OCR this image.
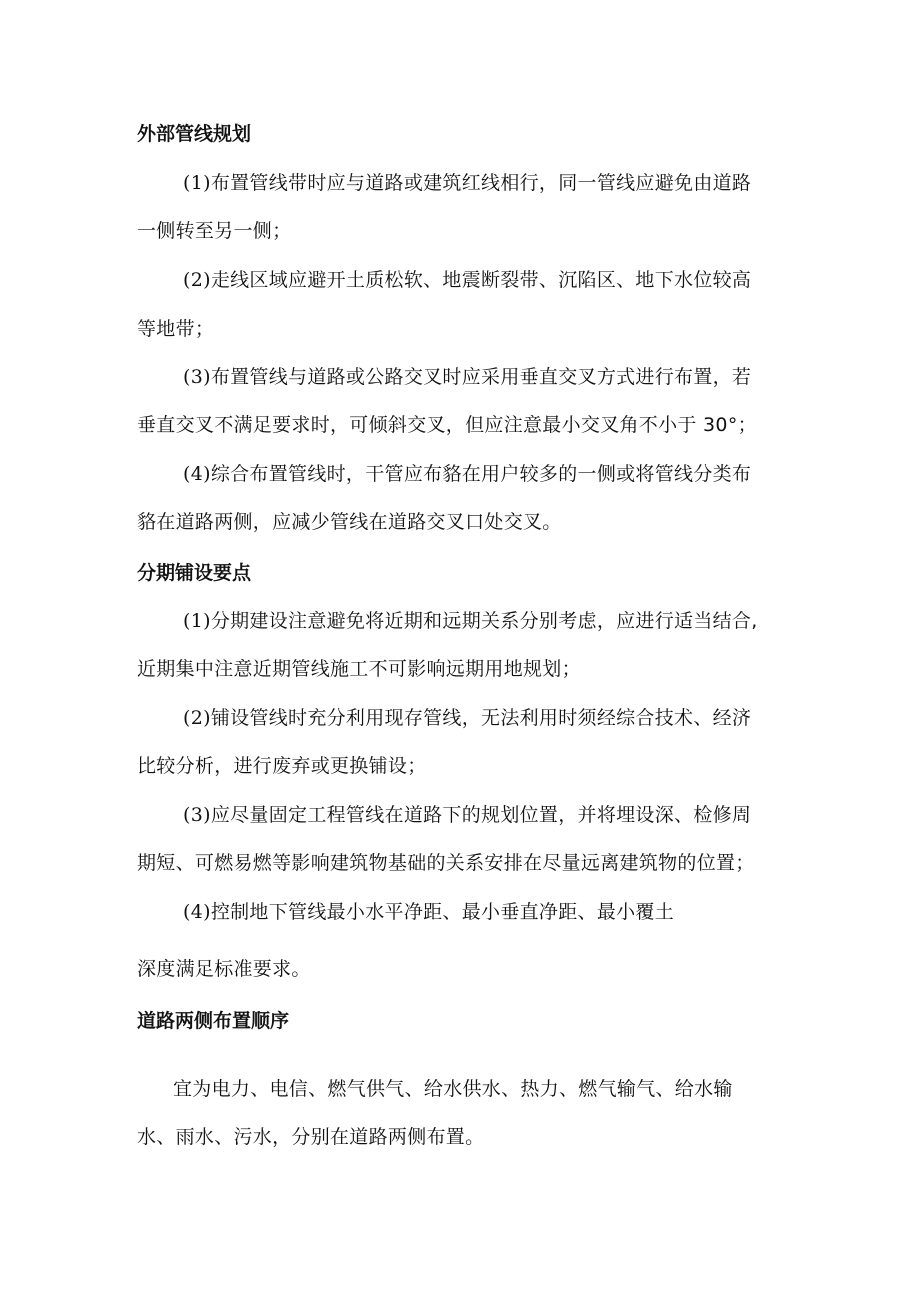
外部管线规划
(1)布置管线带时应与道路或建筑红线相行，同一管线应避免由道路
一侧转至另一侧；
(2)走线区域应避开土质松软、地震断裂带、沉陷区、地下水位较高
等地带；
(3)布置管线与道路或公路交叉时应采用垂直交叉方式进行布置，若
垂直交叉不满足要求时，可倾斜交叉，但应注意最小交叉角不小于 30°；
(4)综合布置管线时，干管应布貉在用户较多的一侧或将管线分类布
貉在道路两侧，应减少管线在道路交叉口处交叉。
分期铺设要点
(1)分期建设注意避免将近期和远期关系分别考虑，应进行适当结合,
近期集中注意近期管线施工不可影响远期用地规划；
(2)铺设管线时充分利用现存管线，无法利用时须经综合技术、经济
比较分析，进行废弃或更换铺设；
(3)应尽量固定工程管线在道路下的规划位置，并将埋设深、检修周
期短、可燃易燃等影响建筑物基础的关系安排在尽量远离建筑物的位置；
(4)控制地下管线最小水平净距、最小垂直净距、最小覆土
深度满足标准要求。
道路两侧布置顺序
宜为电力、电信、燃气供气、给水供水、热力、燃气输气、给水输
水、雨水、污水，分别在道路两侧布置。
